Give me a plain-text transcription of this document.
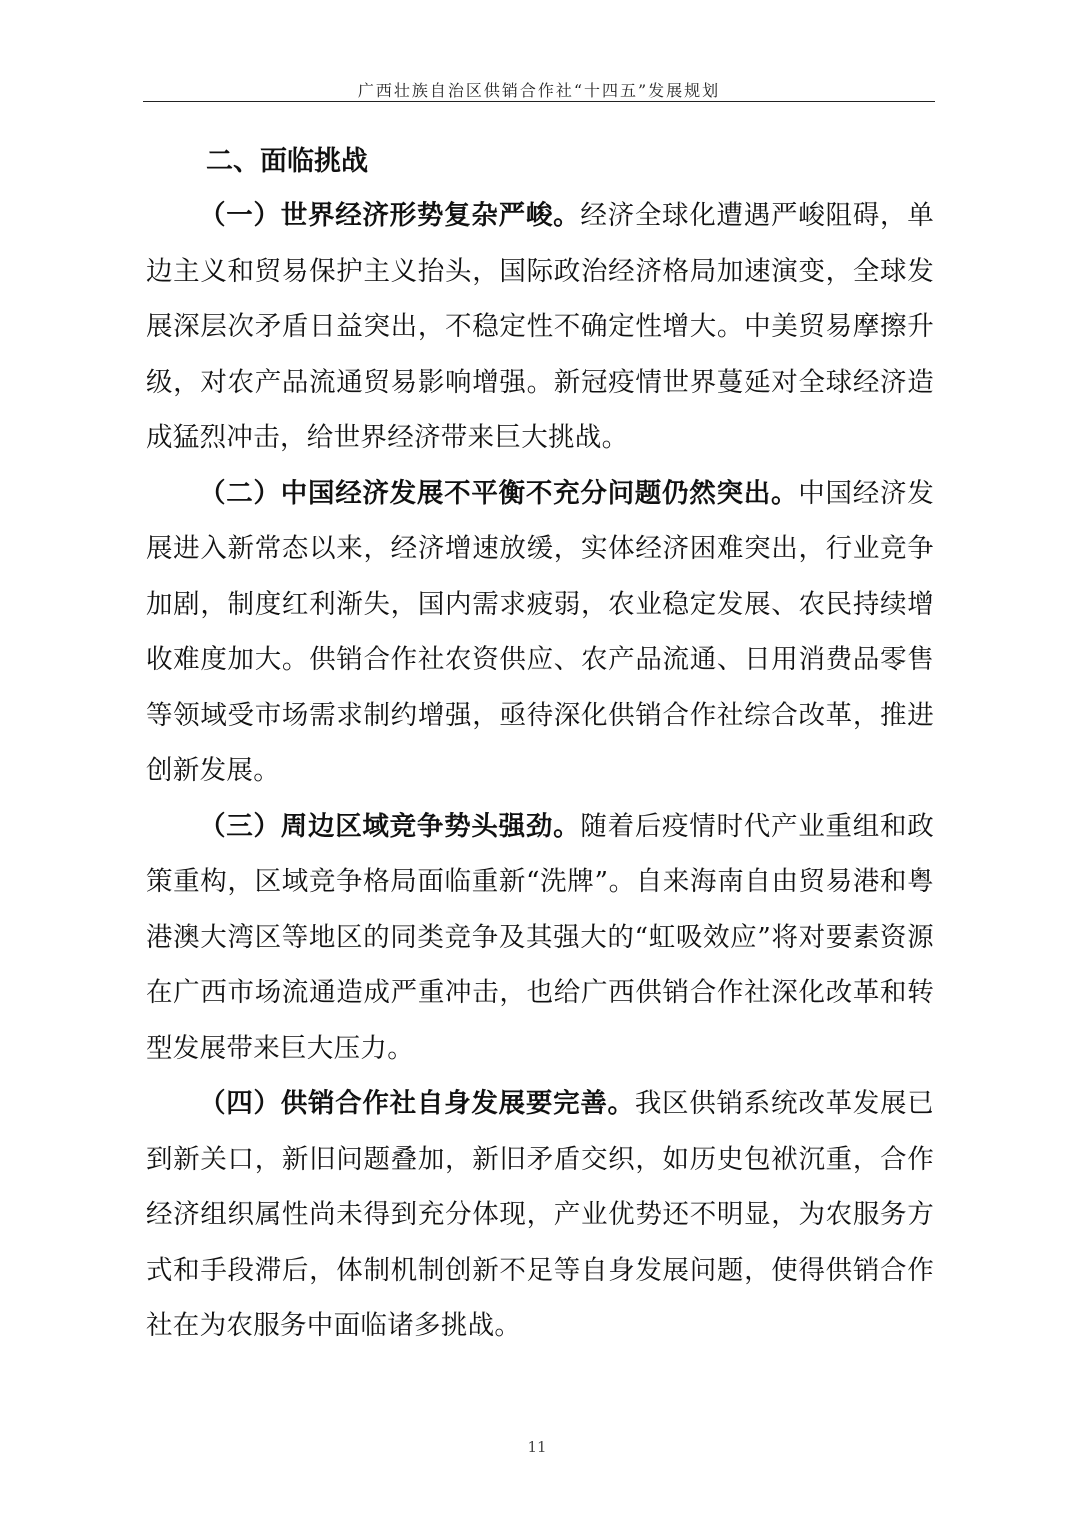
广西壮族自治区供销合作社“十四五”发展规划
二、面临挑战

（一）世界经济形势复杂严峻。经济全球化遭遇严峻阻碍，单边主义和贸易保护主义抬头，国际政治经济格局加速演变，全球发展深层次矛盾日益突出，不稳定性不确定性增大。中美贸易摩擦升级，对农产品流通贸易影响增强。新冠疫情世界蔓延对全球经济造成猛烈冲击，给世界经济带来巨大挑战。

（二）中国经济发展不平衡不充分问题仍然突出。中国经济发展进入新常态以来，经济增速放缓，实体经济困难突出，行业竞争加剧，制度红利渐失，国内需求疲弱，农业稳定发展、农民持续增收难度加大。供销合作社农资供应、农产品流通、日用消费品零售等领域受市场需求制约增强，亟待深化供销合作社综合改革，推进创新发展。

（三）周边区域竞争势头强劲。随着后疫情时代产业重组和政策重构，区域竞争格局面临重新“洗牌”。自来海南自由贸易港和粤港澳大湾区等地区的同类竞争及其强大的“虹吸效应”将对要素资源在广西市场流通造成严重冲击，也给广西供销合作社深化改革和转型发展带来巨大压力。

（四）供销合作社自身发展要完善。我区供销系统改革发展已到新关口，新旧问题叠加，新旧矛盾交织，如历史包袱沉重，合作经济组织属性尚未得到充分体现，产业优势还不明显，为农服务方式和手段滞后，体制机制创新不足等自身发展问题，使得供销合作社在为农服务中面临诸多挑战。

11
